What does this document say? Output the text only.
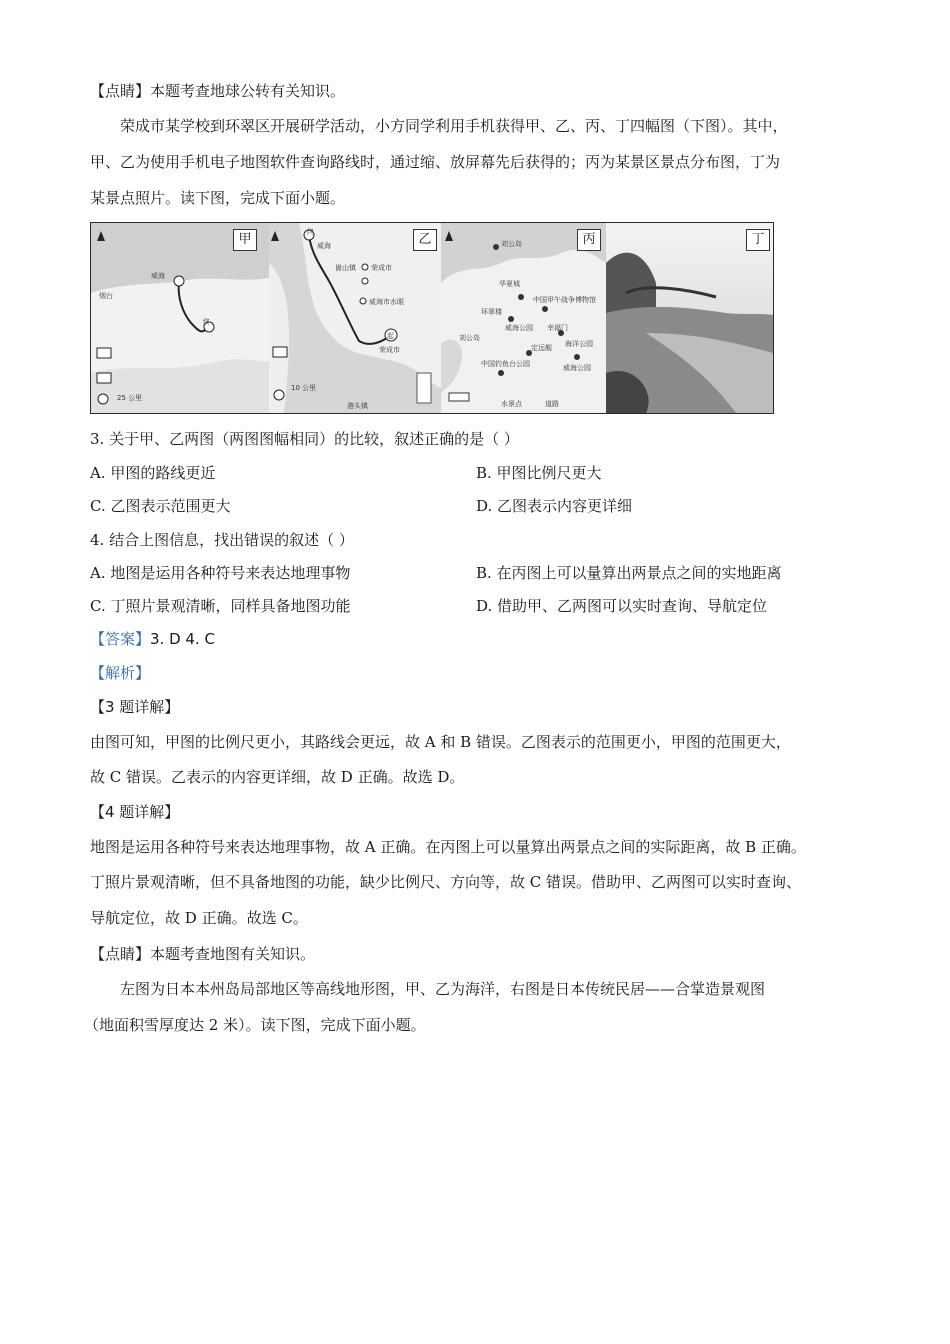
【点睛】本题考查地球公转有关知识。
荣成市某学校到环翠区开展研学活动，小方同学利用手机获得甲、乙、丙、丁四幅图（下图）。其中，
甲、乙为使用手机电子地图软件查询路线时，通过缩、放屏幕先后获得的；丙为某景区景点分布图，丁为
某景点照片。读下图，完成下面小题。
甲
烟台
威海
终
25 公里
乙
威海
终
起
崮山镇 荣成市
威海市水眼
荣成市
10 公里
港头镇
丙
刘公岛
华夏城
环翠楼
中国甲午战争博物馆
威海公园 幸福门
海洋公园
中国钓鱼台公园
定远舰
刘公岛
威海公园
水景点	道路
丁
3. 关于甲、乙两图（两图图幅相同）的比较，叙述正确的是（ ）
A. 甲图的路线更近	B. 甲图比例尺更大
C. 乙图表示范围更大	D. 乙图表示内容更详细
4. 结合上图信息，找出错误的叙述（ ）
A. 地图是运用各种符号来表达地理事物	B. 在丙图上可以量算出两景点之间的实地距离
C. 丁照片景观清晰，同样具备地图功能	D. 借助甲、乙两图可以实时查询、导航定位
【答案】3. D 4. C
【解析】
【3 题详解】
由图可知，甲图的比例尺更小，其路线会更远，故 A 和 B 错误。乙图表示的范围更小，甲图的范围更大，
故 C 错误。乙表示的内容更详细，故 D 正确。故选 D。
【4 题详解】
地图是运用各种符号来表达地理事物，故 A 正确。在丙图上可以量算出两景点之间的实际距离，故 B 正确。
丁照片景观清晰，但不具备地图的功能，缺少比例尺、方向等，故 C 错误。借助甲、乙两图可以实时查询、
导航定位，故 D 正确。故选 C。
【点睛】本题考查地图有关知识。
左图为日本本州岛局部地区等高线地形图，甲、乙为海洋，右图是日本传统民居——合掌造景观图
（地面积雪厚度达 2 米）。读下图，完成下面小题。
